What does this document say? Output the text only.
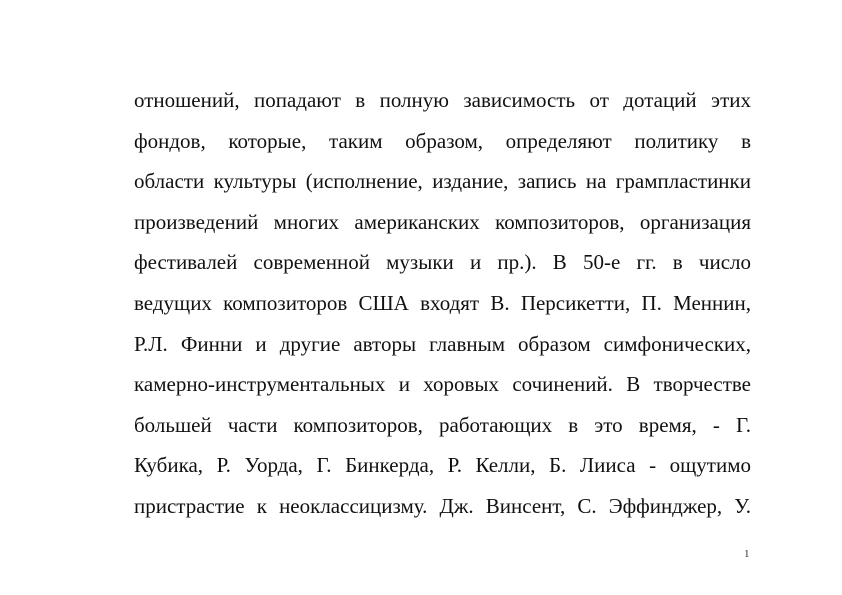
отношений, попадают в полную зависимость от дотаций этих
фондов, которые, таким образом, определяют политику в
области культуры (исполнение, издание, запись на грампластинки
произведений многих американских композиторов, организация
фестивалей современной музыки и пр.). В 50-е гг. в число
ведущих композиторов США входят В. Персикетти, П. Меннин,
Р.Л. Финни и другие авторы главным образом симфонических,
камерно-инструментальных и хоровых сочинений. В творчестве
большей части композиторов, работающих в это время, - Г.
Кубика, Р. Уорда, Г. Бинкерда, Р. Келли, Б. Лииса - ощутимо
пристрастие к неоклассицизму. Дж. Винсент, С. Эффинджер, У.
1
